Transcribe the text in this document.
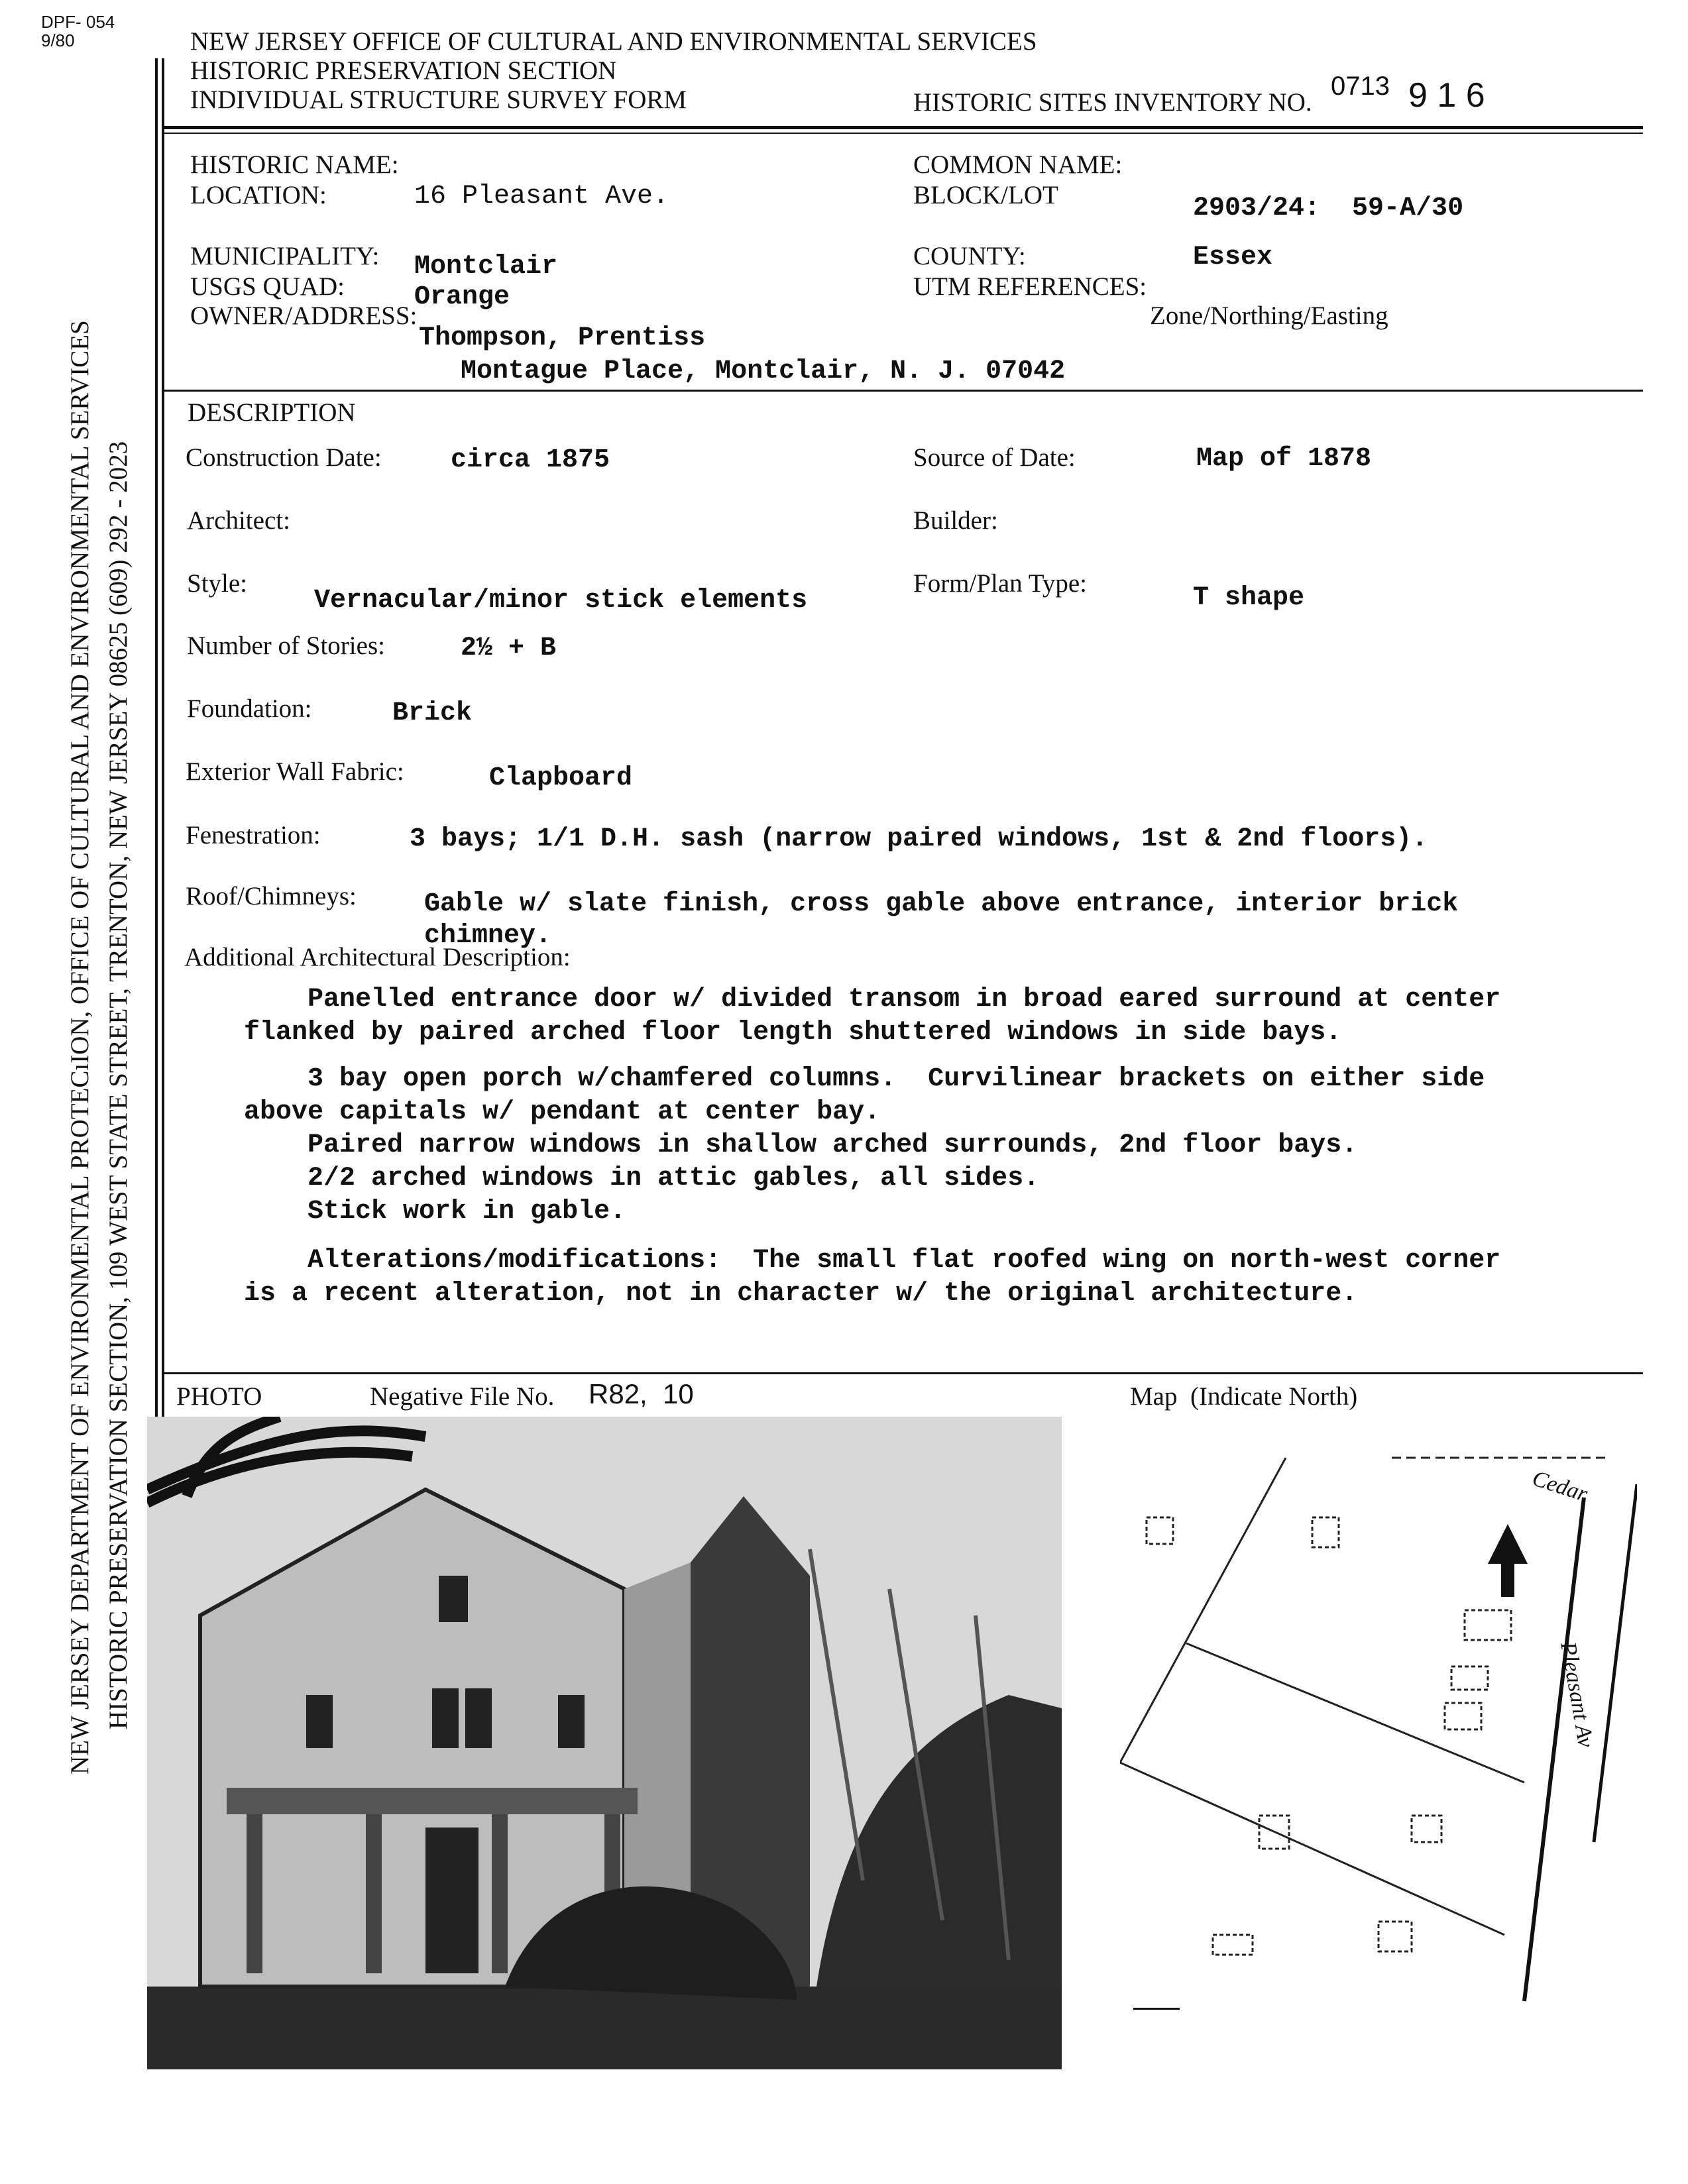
DPF- 054
9/80	NEW JERSEY OFFICE OF CULTURAL AND ENVIRONMENTAL SERVICES
HISTORIC PRESERVATION SECTION
INDIVIDUAL STRUCTURE SURVEY FORM	HISTORIC SITES INVENTORY NO.
0713 9 1 6
NEW JERSEY DEPARTMENT OF ENVIRONMENTAL PROTECıION, OFFICE OF CULTURAL AND ENVIRONMENTAL SERVICES HISTORIC PRESERVATION SECTION, 109 WEST STATE STREET, TRENTON, NEW JERSEY 08625 (609) 292 - 2023
HISTORIC NAME:	COMMON NAME:
LOCATION:	16 Pleasant Ave.	BLOCK/LOT	2903/24:  59-A/30
MUNICIPALITY: Montclair	COUNTY:	Essex
USGS QUAD:	Orange	UTM REFERENCES:
Zone/Northing/Easting
OWNER/ADDRESS:
Thompson, Prentiss
Montague Place, Montclair, N. J. 07042
DESCRIPTION
Construction Date:	circa 1875	Source of Date:	Map of 1878
Architect:	Builder:
Style:
Vernacular/minor stick elements
Form/Plan Type:	T shape
Number of Stories:	2½ + B
Foundation:	Brick
Exterior Wall Fabric:	Clapboard
Fenestration:	3 bays; 1/1 D.H. sash (narrow paired windows, 1st & 2nd floors).
Roof/Chimneys:	Gable w/ slate finish, cross gable above entrance, interior brick
chimney.
Additional Architectural Description:
Panelled entrance door w/ divided transom in broad eared surround at center
flanked by paired arched floor length shuttered windows in side bays.
3 bay open porch w/chamfered columns.  Curvilinear brackets on either side
above capitals w/ pendant at center bay.
Paired narrow windows in shallow arched surrounds, 2nd floor bays.
2/2 arched windows in attic gables, all sides.
Stick work in gable.
Alterations/modifications:  The small flat roofed wing on north-west corner
is a recent alteration, not in character w/ the original architecture.
PHOTO	Negative File No. R82,  10	Map  (Indicate North)
Cedar
Pleasant Av
